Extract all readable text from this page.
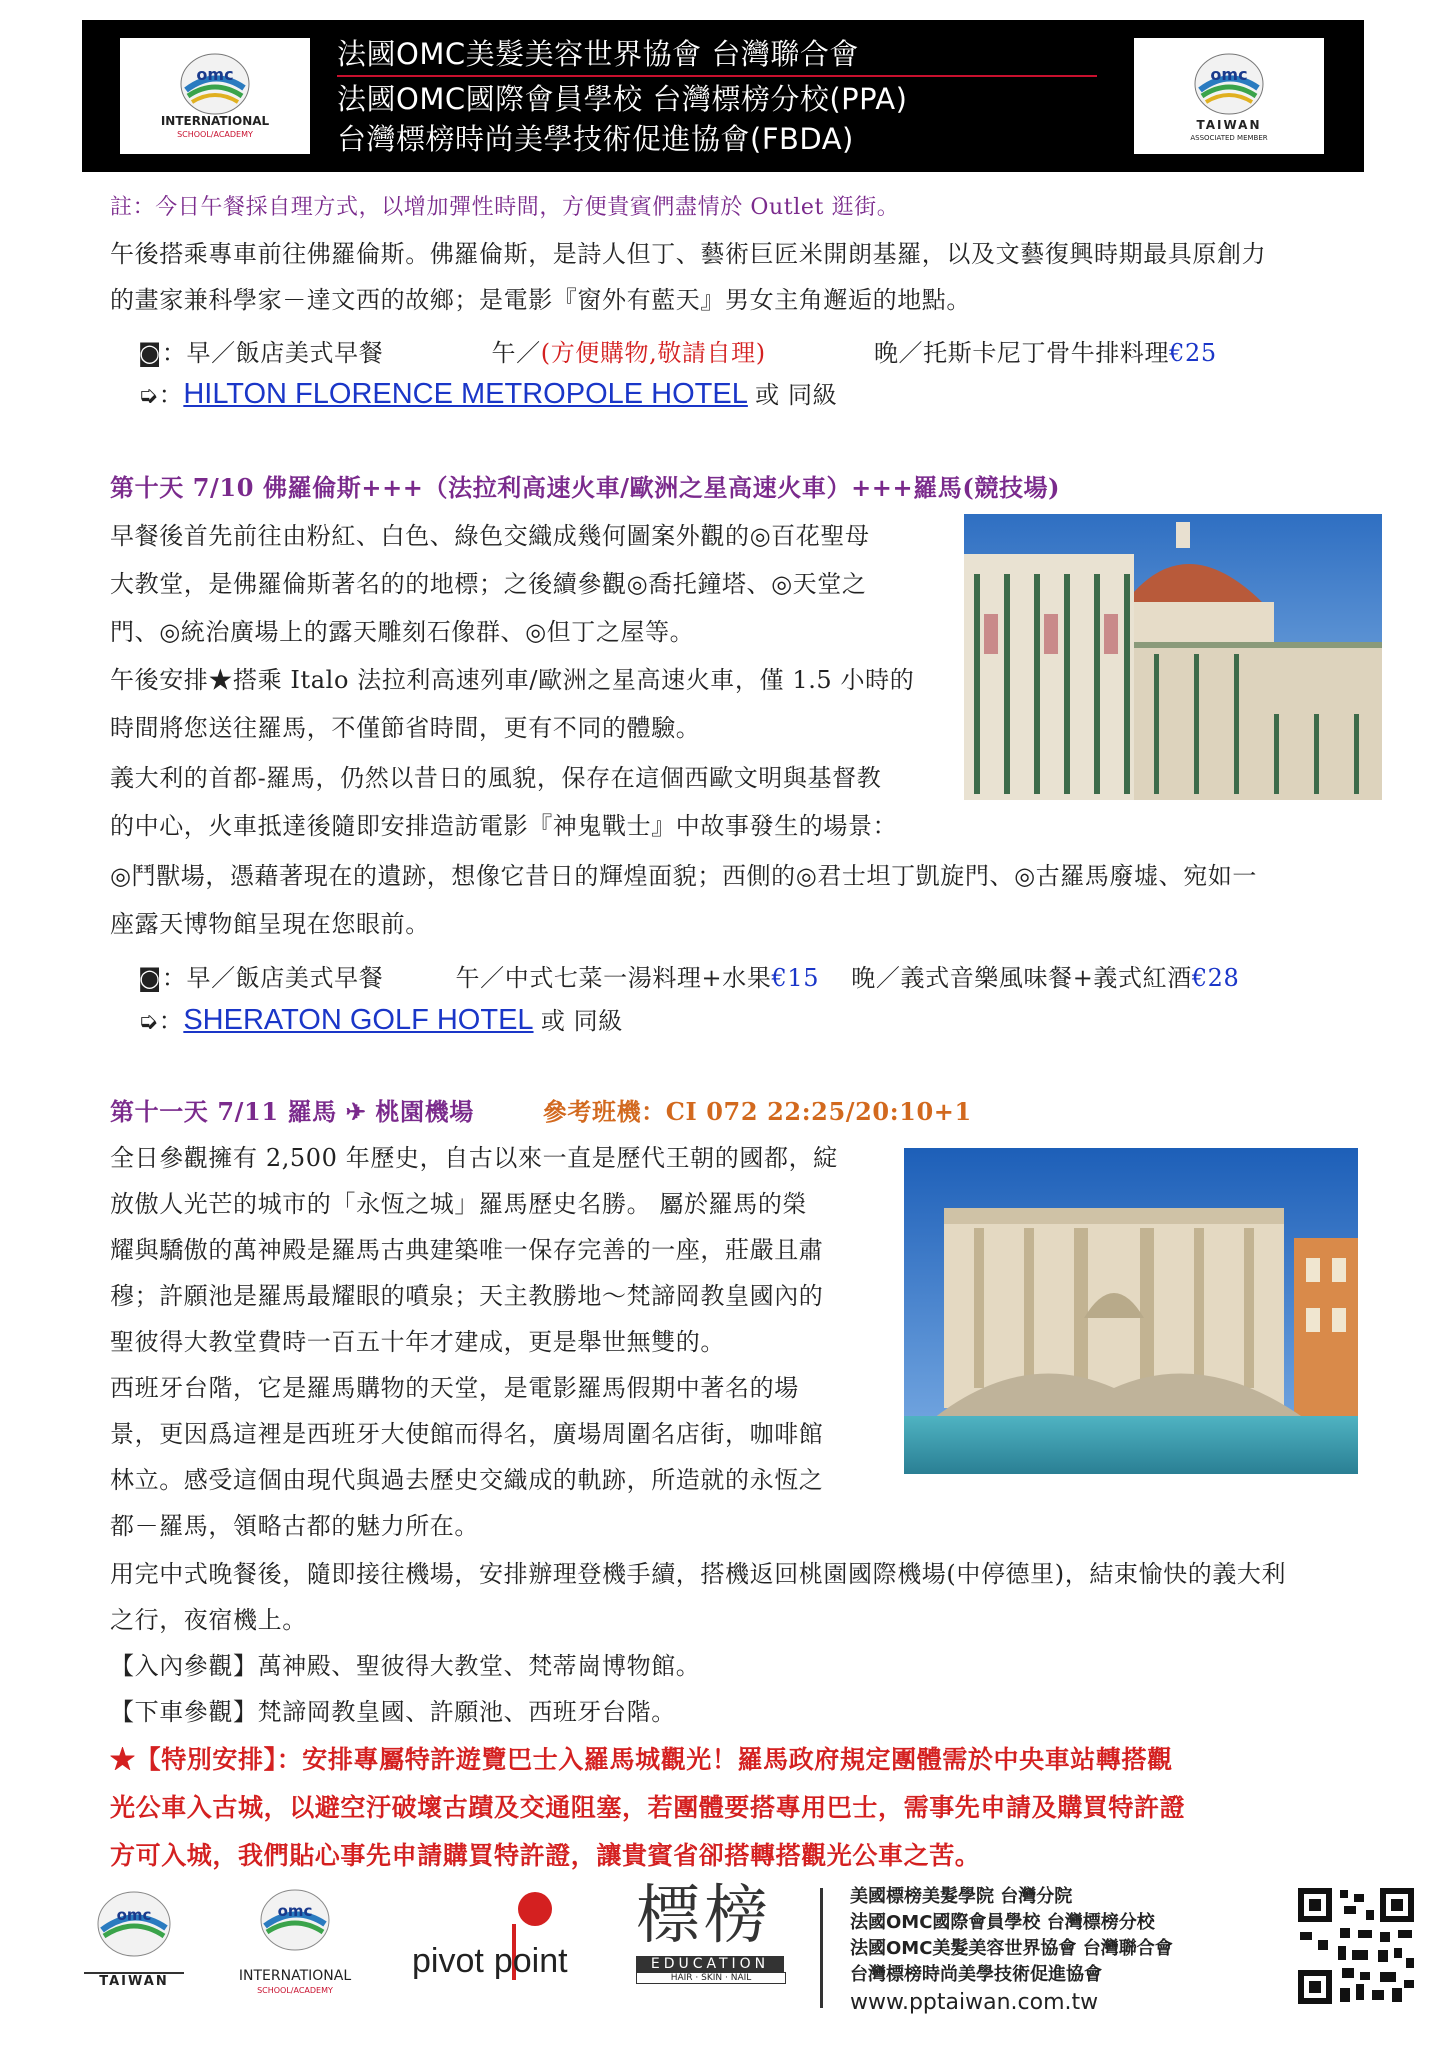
omc
INTERNATIONAL
SCHOOL/ACADEMY
法國OMC美髮美容世界協會 台灣聯合會
法國OMC國際會員學校 台灣標榜分校(PPA)
台灣標榜時尚美學技術促進協會(FBDA)
omc
TAIWAN
ASSOCIATED MEMBER
註：今日午餐採自理方式，以增加彈性時間，方便貴賓們盡情於 Outlet 逛街。
午後搭乘專車前往佛羅倫斯。佛羅倫斯，是詩人但丁、藝術巨匠米開朗基羅，以及文藝復興時期最具原創力
的畫家兼科學家－達文西的故鄉；是電影『窗外有藍天』男女主角邂逅的地點。
◙：早／飯店美式早餐	午／(方便購物,敬請自理)	晚／托斯卡尼丁骨牛排料理€25
➭：HILTON FLORENCE METROPOLE HOTEL 或 同級
第十天 7/10 佛羅倫斯+++（法拉利高速火車/歐洲之星高速火車）+++羅馬(競技場)
早餐後首先前往由粉紅、白色、綠色交織成幾何圖案外觀的◎百花聖母
大教堂，是佛羅倫斯著名的的地標；之後續參觀◎喬托鐘塔、◎天堂之
門、◎統治廣場上的露天雕刻石像群、◎但丁之屋等。
午後安排★搭乘 Italo 法拉利高速列車/歐洲之星高速火車，僅 1.5 小時的
時間將您送往羅馬，不僅節省時間，更有不同的體驗。
義大利的首都-羅馬，仍然以昔日的風貌，保存在這個西歐文明與基督教
的中心，火車抵達後隨即安排造訪電影『神鬼戰士』中故事發生的場景：
◎鬥獸場，憑藉著現在的遺跡，想像它昔日的輝煌面貌；西側的◎君士坦丁凱旋門、◎古羅馬廢墟、宛如一
座露天博物館呈現在您眼前。
◙：早／飯店美式早餐	午／中式七菜一湯料理+水果€15 晚／義式音樂風味餐+義式紅酒€28
➭：SHERATON GOLF HOTEL 或 同級
第十一天 7/11 羅馬 ✈ 桃園機場	參考班機：CI 072 22:25/20:10+1
全日參觀擁有 2,500 年歷史，自古以來一直是歷代王朝的國都，綻
放傲人光芒的城市的「永恆之城」羅馬歷史名勝。 屬於羅馬的榮
耀與驕傲的萬神殿是羅馬古典建築唯一保存完善的一座，莊嚴且肅
穆；許願池是羅馬最耀眼的噴泉；天主教勝地～梵諦岡教皇國內的
聖彼得大教堂費時一百五十年才建成，更是舉世無雙的。
西班牙台階，它是羅馬購物的天堂，是電影羅馬假期中著名的場
景，更因爲這裡是西班牙大使館而得名，廣場周圍名店街，咖啡館
林立。感受這個由現代與過去歷史交織成的軌跡，所造就的永恆之
都－羅馬，領略古都的魅力所在。
用完中式晚餐後，隨即接往機場，安排辦理登機手續，搭機返回桃園國際機場(中停德里)，結束愉快的義大利
之行，夜宿機上。
【入內參觀】萬神殿、聖彼得大教堂、梵蒂崗博物館。
【下車參觀】梵諦岡教皇國、許願池、西班牙台階。
★【特別安排】：安排專屬特許遊覽巴士入羅馬城觀光！羅馬政府規定團體需於中央車站轉搭觀
光公車入古城，以避空汙破壞古蹟及交通阻塞，若團體要搭專用巴士，需事先申請及購買特許證
方可入城，我們貼心事先申請購買特許證，讓貴賓省卻搭轉搭觀光公車之苦。
omc
TAIWAN
omc
INTERNATIONAL
SCHOOL/ACADEMY
pivot point
標榜
EDUCATION
HAIR · SKIN · NAIL
美國標榜美髮學院 台灣分院
法國OMC國際會員學校 台灣標榜分校
法國OMC美髮美容世界協會 台灣聯合會
台灣標榜時尚美學技術促進協會
www.pptaiwan.com.tw
